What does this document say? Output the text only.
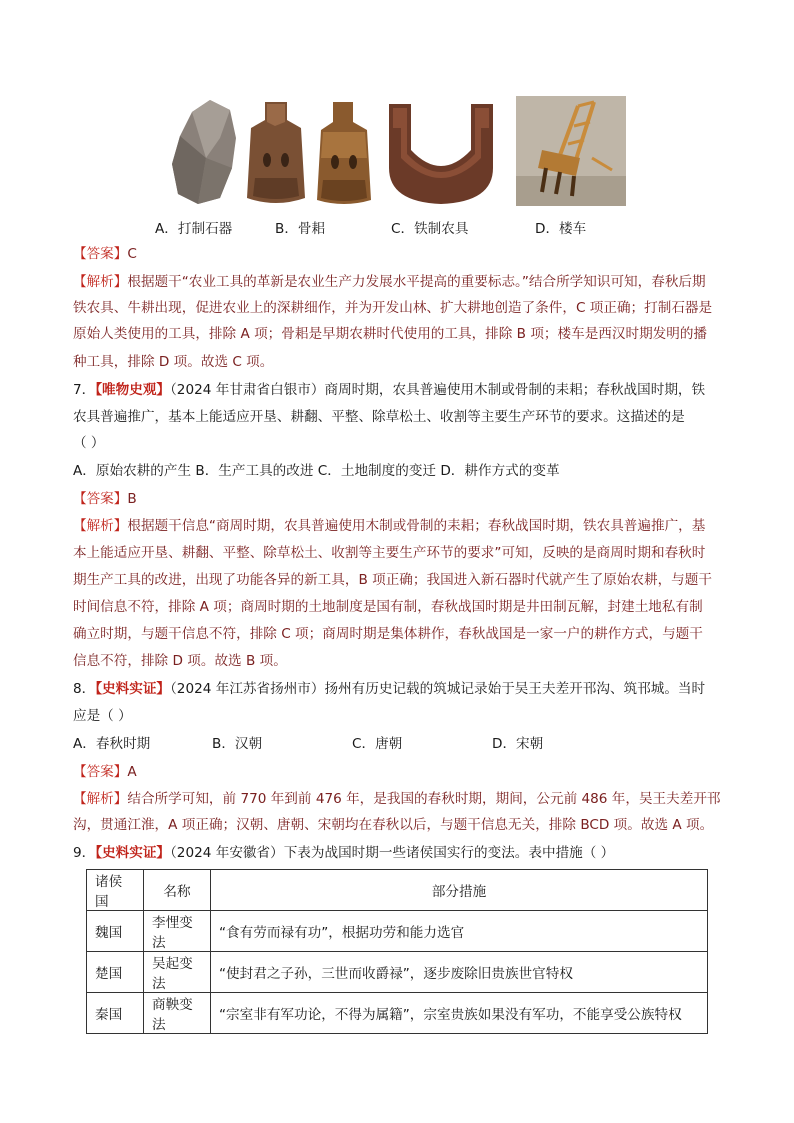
A．打制石器	B．骨耜	C．铁制农具	D．楼车
【答案】C
【解析】根据题干“农业工具的革新是农业生产力发展水平提高的重要标志。”结合所学知识可知，春秋后期
铁农具、牛耕出现，促进农业上的深耕细作，并为开发山林、扩大耕地创造了条件，C 项正确；打制石器是
原始人类使用的工具，排除 A 项；骨耜是早期农耕时代使用的工具，排除 B 项；楼车是西汉时期发明的播
种工具，排除 D 项。故选 C 项。
7．【唯物史观】（2024 年甘肃省白银市）商周时期，农具普遍使用木制或骨制的耒耜；春秋战国时期，铁
农具普遍推广，基本上能适应开垦、耕翻、平整、除草松土、收割等主要生产环节的要求。这描述的是
（ ）
A．原始农耕的产生 B．生产工具的改进 C．土地制度的变迁 D．耕作方式的变革
【答案】B
【解析】根据题干信息“商周时期，农具普遍使用木制或骨制的耒耜；春秋战国时期，铁农具普遍推广，基
本上能适应开垦、耕翻、平整、除草松土、收割等主要生产环节的要求”可知，反映的是商周时期和春秋时
期生产工具的改进，出现了功能各异的新工具，B 项正确；我国进入新石器时代就产生了原始农耕，与题干
时间信息不符，排除 A 项；商周时期的土地制度是国有制，春秋战国时期是井田制瓦解，封建土地私有制
确立时期，与题干信息不符，排除 C 项；商周时期是集体耕作，春秋战国是一家一户的耕作方式，与题干
信息不符，排除 D 项。故选 B 项。
8．【史料实证】（2024 年江苏省扬州市）扬州有历史记载的筑城记录始于吴王夫差开邗沟、筑邗城。当时
应是（ ）
A．春秋时期	B．汉朝	C．唐朝	D．宋朝
【答案】A
【解析】结合所学可知，前 770 年到前 476 年，是我国的春秋时期，期间，公元前 486 年，吴王夫差开邗
沟，贯通江淮，A 项正确；汉朝、唐朝、宋朝均在春秋以后，与题干信息无关，排除 BCD 项。故选 A 项。
9．【史料实证】（2024 年安徽省）下表为战国时期一些诸侯国实行的变法。表中措施（ ）
诸侯国	名称	部分措施
魏国	李悝变法	“食有劳而禄有功”，根据功劳和能力选官
楚国	吴起变法	“使封君之子孙，三世而收爵禄”，逐步废除旧贵族世官特权
秦国	商鞅变法	“宗室非有军功论，不得为属籍”，宗室贵族如果没有军功，不能享受公族特权
